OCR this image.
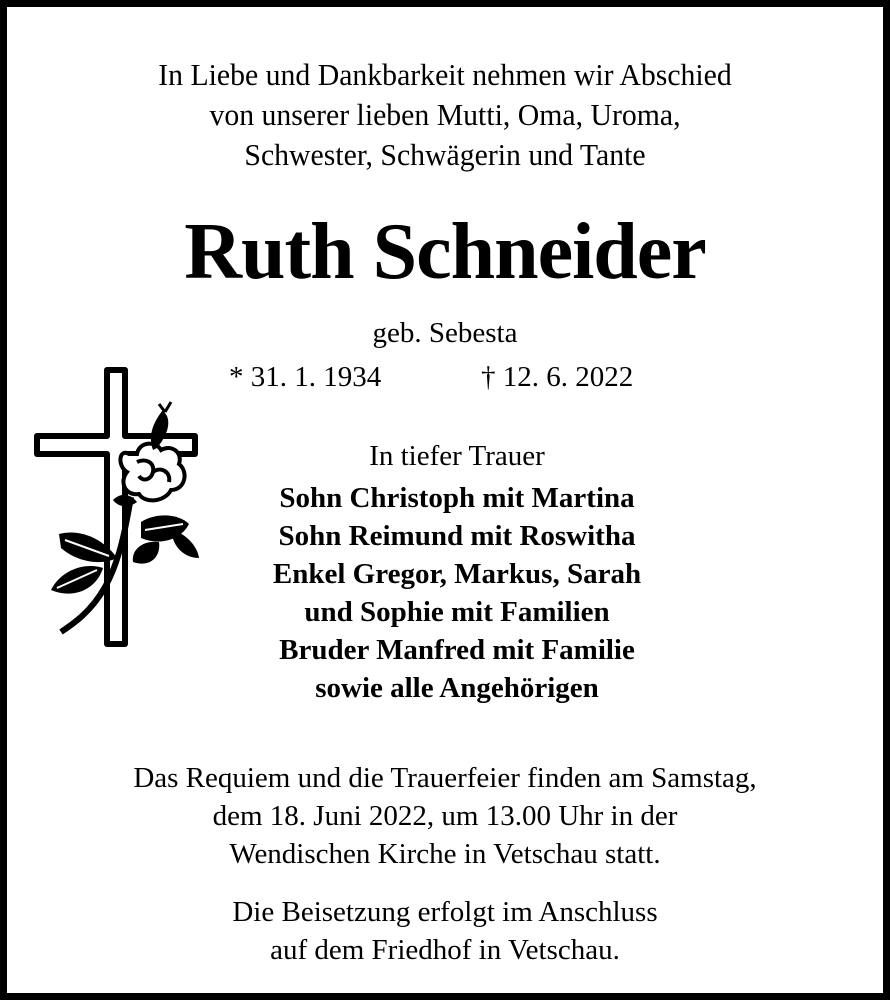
In Liebe und Dankbarkeit nehmen wir Abschied
von unserer lieben Mutti, Oma, Uroma,
Schwester, Schwägerin und Tante
Ruth Schneider
geb. Sebesta
* 31. 1. 1934	† 12. 6. 2022
In tiefer Trauer
Sohn Christoph mit Martina
Sohn Reimund mit Roswitha
Enkel Gregor, Markus, Sarah
und Sophie mit Familien
Bruder Manfred mit Familie
sowie alle Angehörigen
Das Requiem und die Trauerfeier finden am Samstag,
dem 18. Juni 2022, um 13.00 Uhr in der
Wendischen Kirche in Vetschau statt.
Die Beisetzung erfolgt im Anschluss
auf dem Friedhof in Vetschau.
